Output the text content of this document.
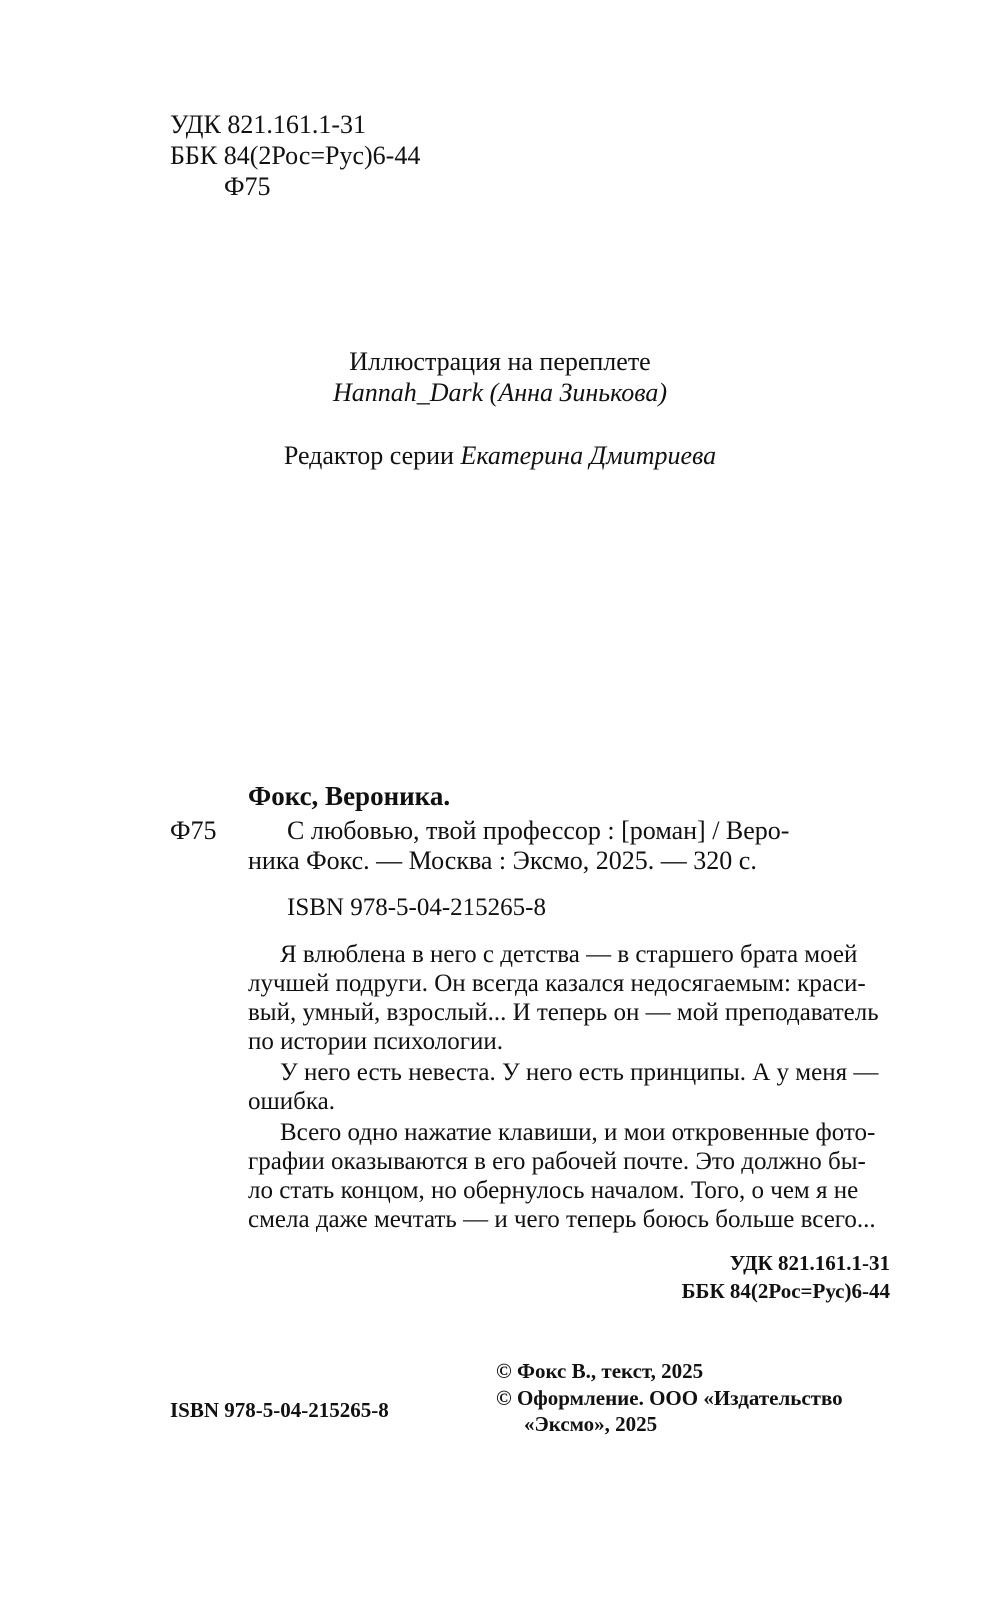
УДК 821.161.1-31
ББК 84(2Рос=Рус)6-44
Ф75
Иллюстрация на переплете
Hannah_Dark (Анна Зинькова)
Редактор серии Екатерина Дмитриева
Фокс, Вероника.
Ф75	С любовью, твой профессор : [роман] / Веро-
ника Фокс. — Москва : Эксмо, 2025. — 320 с.
ISBN 978-5-04-215265-8
Я влюблена в него с детства — в старшего брата моей
лучшей подруги. Он всегда казался недосягаемым: краси-
вый, умный, взрослый... И теперь он — мой преподаватель
по истории психологии.
У него есть невеста. У него есть принципы. А у меня —
ошибка.
Всего одно нажатие клавиши, и мои откровенные фото-
графии оказываются в его рабочей почте. Это должно бы-
ло стать концом, но обернулось началом. Того, о чем я не
смела даже мечтать — и чего теперь боюсь больше всего...
УДК 821.161.1-31
ББК 84(2Рос=Рус)6-44
ISBN 978-5-04-215265-8
© Фокс В., текст, 2025
© Оформление. ООО «Издательство
«Эксмо», 2025
